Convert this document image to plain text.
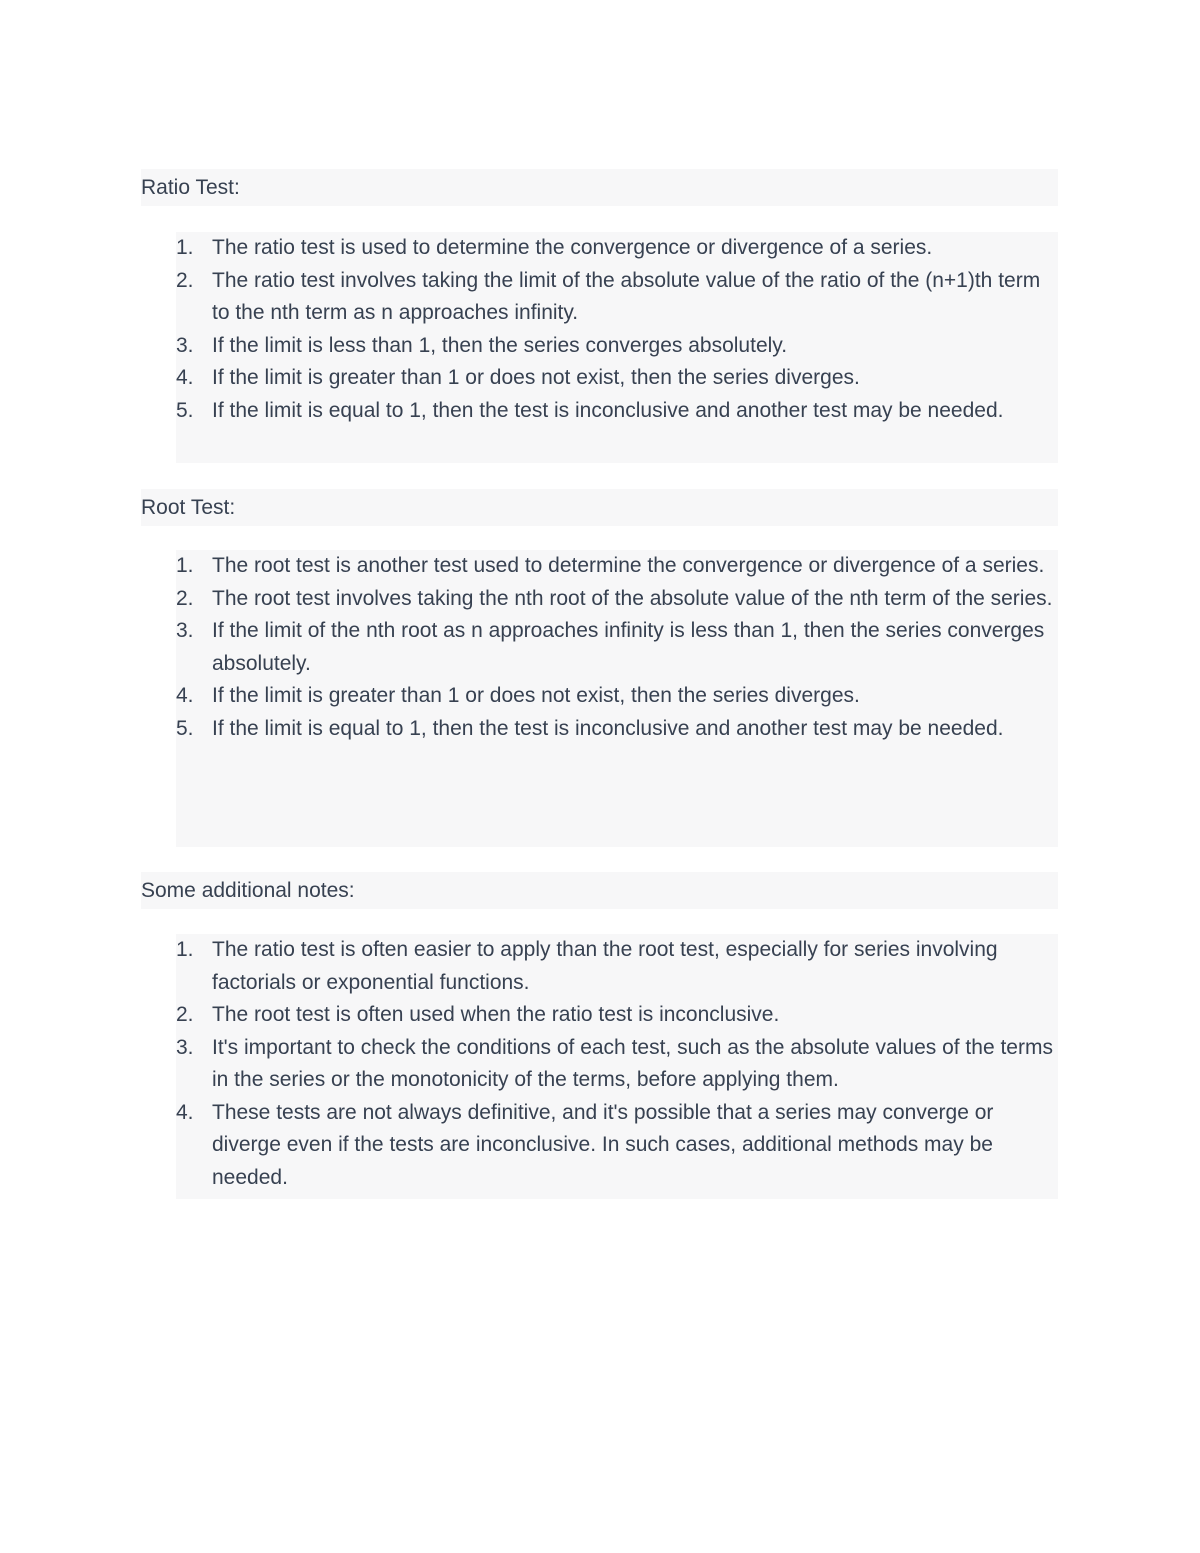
Ratio Test:
1. The ratio test is used to determine the convergence or divergence of a series.
2. The ratio test involves taking the limit of the absolute value of the ratio of the (n+1)th term to the nth term as n approaches infinity.
3. If the limit is less than 1, then the series converges absolutely.
4. If the limit is greater than 1 or does not exist, then the series diverges.
5. If the limit is equal to 1, then the test is inconclusive and another test may be needed.
Root Test:
1. The root test is another test used to determine the convergence or divergence of a series.
2. The root test involves taking the nth root of the absolute value of the nth term of the series.
3. If the limit of the nth root as n approaches infinity is less than 1, then the series converges absolutely.
4. If the limit is greater than 1 or does not exist, then the series diverges.
5. If the limit is equal to 1, then the test is inconclusive and another test may be needed.
Some additional notes:
1. The ratio test is often easier to apply than the root test, especially for series involving factorials or exponential functions.
2. The root test is often used when the ratio test is inconclusive.
3. It's important to check the conditions of each test, such as the absolute values of the terms in the series or the monotonicity of the terms, before applying them.
4. These tests are not always definitive, and it's possible that a series may converge or diverge even if the tests are inconclusive. In such cases, additional methods may be needed.
